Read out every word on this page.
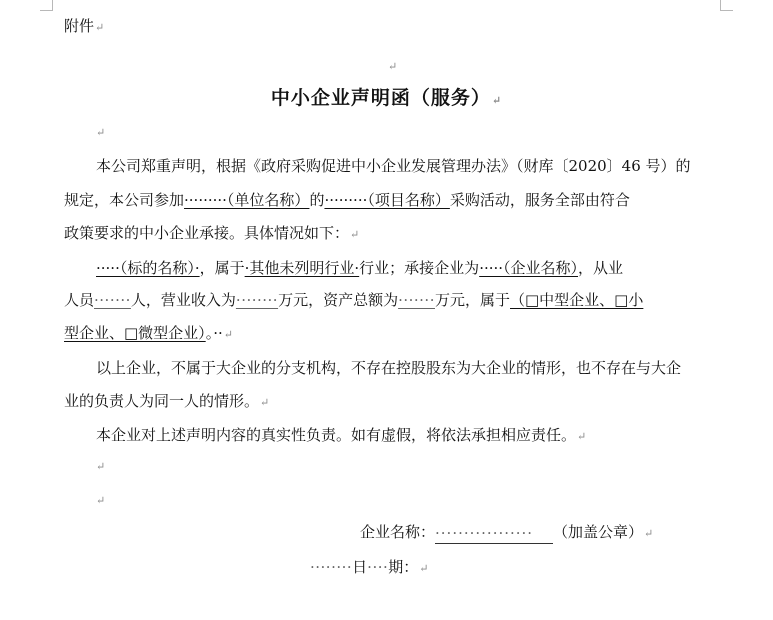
附件↵
↵
中小企业声明函（服务）↵
↵
本公司郑重声明，根据《政府采购促进中小企业发展管理办法》（财库〔2020〕46 号）的
规定，本公司参加·········（单位名称）的·········（项目名称）采购活动，服务全部由符合
政策要求的中小企业承接。具体情况如下：↵
·····（标的名称）·，属于·其他未列明行业·行业；承接企业为·····（企业名称），从业
人员·······人，营业收入为········万元，资产总额为·······万元，属于（□中型企业、□小
型企业、□微型企业）。··↵
以上企业，不属于大企业的分支机构，不存在控股股东为大企业的情形，也不存在与大企
业的负责人为同一人的情形。↵
本企业对上述声明内容的真实性负责。如有虚假，将依法承担相应责任。↵
↵
↵
企业名称：················· （加盖公章）↵
········日····期：↵
